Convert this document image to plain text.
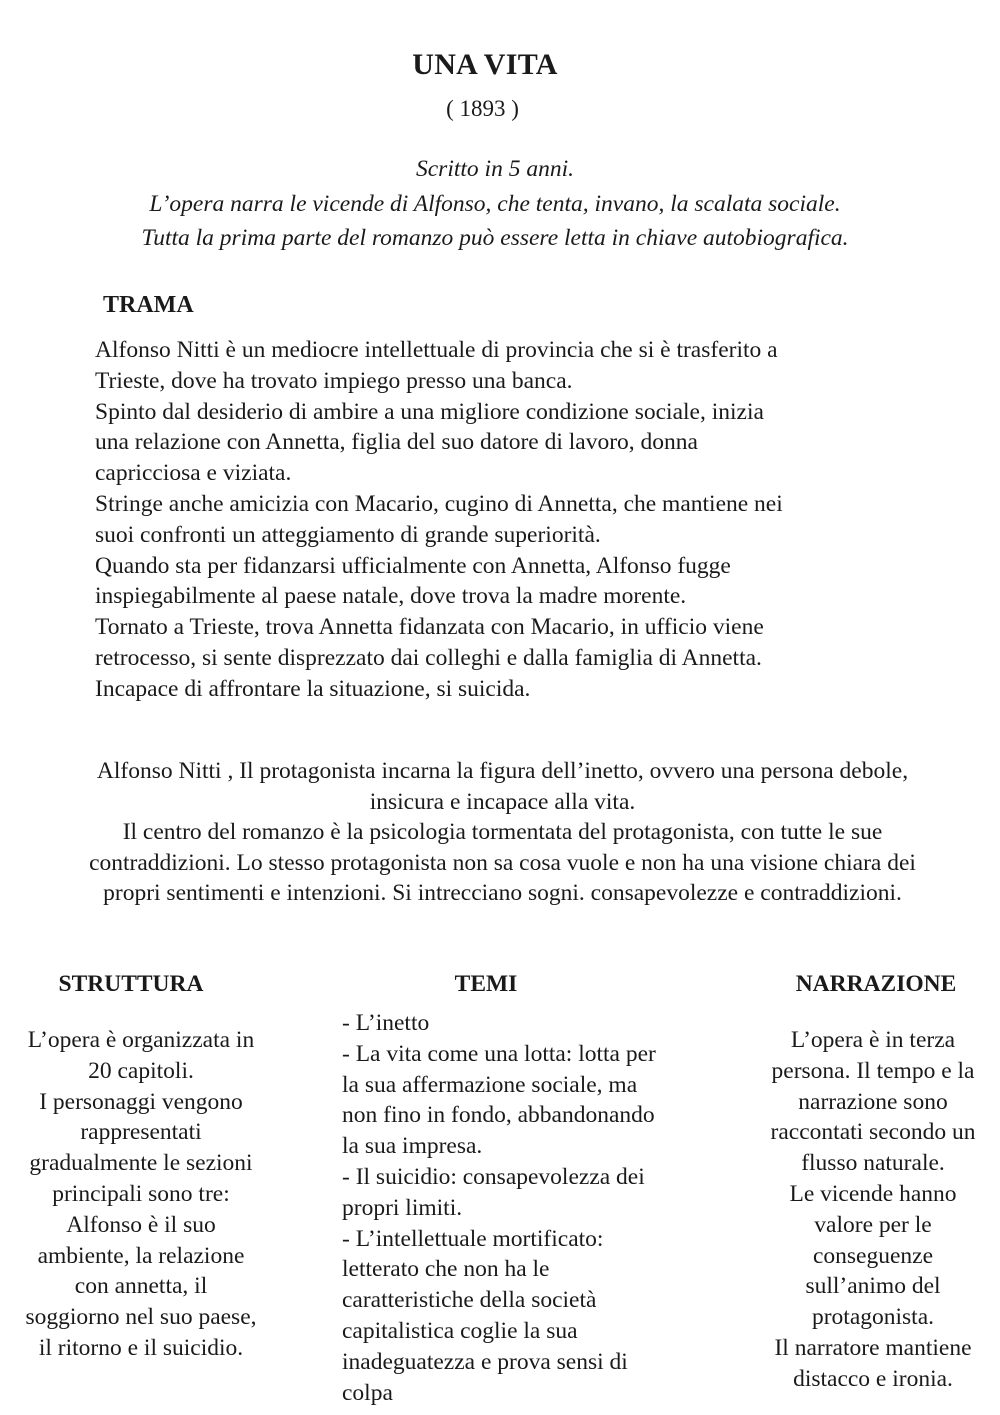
UNA VITA
( 1893 )
Scritto in 5 anni.
L’opera narra le vicende di Alfonso, che tenta, invano, la scalata sociale.
Tutta la prima parte del romanzo può essere letta in chiave autobiografica.
TRAMA
Alfonso Nitti è un mediocre intellettuale di provincia che si è trasferito a
Trieste, dove ha trovato impiego presso una banca.
Spinto dal desiderio di ambire a una migliore condizione sociale, inizia
una relazione con Annetta, figlia del suo datore di lavoro, donna
capricciosa e viziata.
Stringe anche amicizia con Macario, cugino di Annetta, che mantiene nei
suoi confronti un atteggiamento di grande superiorità.
Quando sta per fidanzarsi ufficialmente con Annetta, Alfonso fugge
inspiegabilmente al paese natale, dove trova la madre morente.
Tornato a Trieste, trova Annetta fidanzata con Macario, in ufficio viene
retrocesso, si sente disprezzato dai colleghi e dalla famiglia di Annetta.
Incapace di affrontare la situazione, si suicida.
Alfonso Nitti , Il protagonista incarna la figura dell’inetto, ovvero una persona debole,
insicura e incapace alla vita.
Il centro del romanzo è la psicologia tormentata del protagonista, con tutte le sue
contraddizioni. Lo stesso protagonista non sa cosa vuole e non ha una visione chiara dei
propri sentimenti e intenzioni. Si intrecciano sogni. consapevolezze e contraddizioni.
STRUTTURA
L’opera è organizzata in
20 capitoli.
I personaggi vengono
rappresentati
gradualmente le sezioni
principali sono tre:
Alfonso è il suo
ambiente, la relazione
con annetta, il
soggiorno nel suo paese,
il ritorno e il suicidio.
TEMI
- L’inetto
- La vita come una lotta: lotta per
la sua affermazione sociale, ma
non fino in fondo, abbandonando
la sua impresa.
- Il suicidio: consapevolezza dei
propri limiti.
- L’intellettuale mortificato:
letterato che non ha le
caratteristiche della società
capitalistica coglie la sua
inadeguatezza e prova sensi di
colpa
NARRAZIONE
L’opera è in terza
persona. Il tempo e la
narrazione sono
raccontati secondo un
flusso naturale.
Le vicende hanno
valore per le
conseguenze
sull’animo del
protagonista.
Il narratore mantiene
distacco e ironia.
